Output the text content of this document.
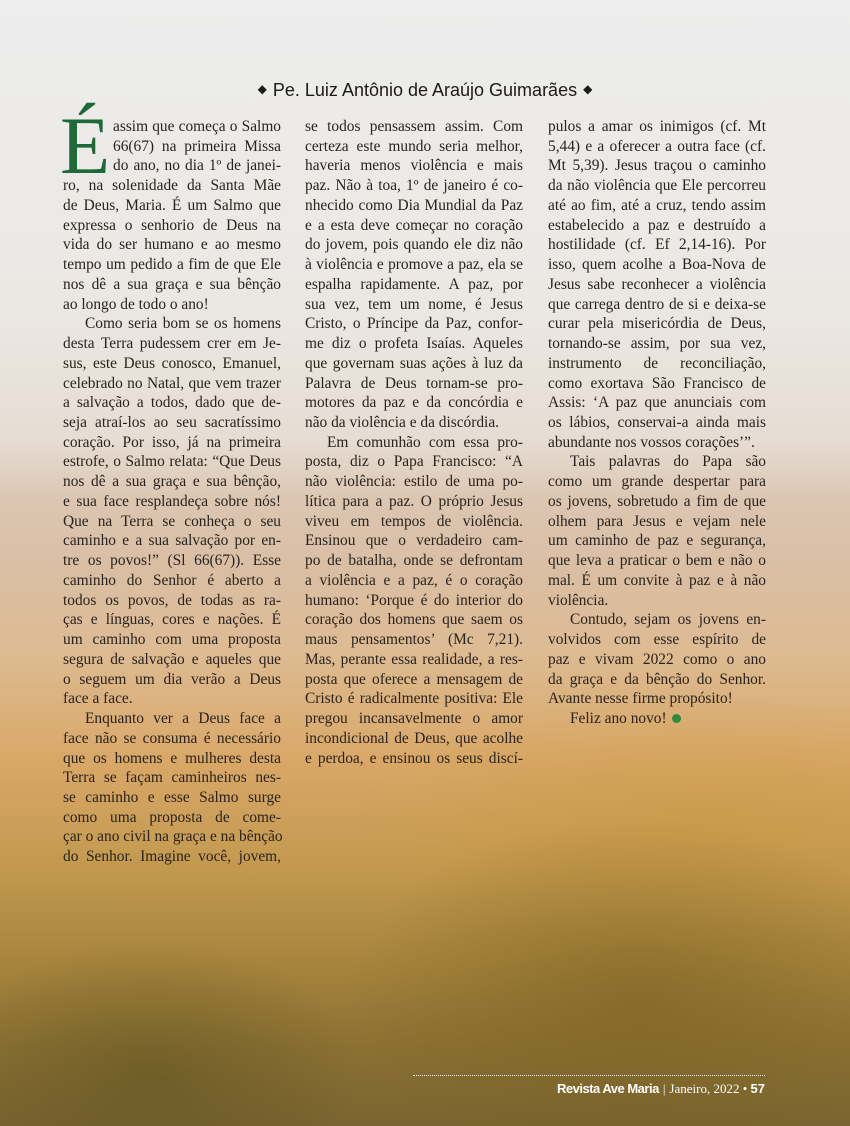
◆ Pe. Luiz Antônio de Araújo Guimarães ◆
É assim que começa o Salmo
66(67) na primeira Missa
do ano, no dia 1º de janei-
ro, na solenidade da Santa Mãe
de Deus, Maria. É um Salmo que
expressa o senhorio de Deus na
vida do ser humano e ao mesmo
tempo um pedido a fim de que Ele
nos dê a sua graça e sua bênção
ao longo de todo o ano!
Como seria bom se os homens
desta Terra pudessem crer em Je-
sus, este Deus conosco, Emanuel,
celebrado no Natal, que vem trazer
a salvação a todos, dado que de-
seja atraí-los ao seu sacratíssimo
coração. Por isso, já na primeira
estrofe, o Salmo relata: “Que Deus
nos dê a sua graça e sua bênção,
e sua face resplandeça sobre nós!
Que na Terra se conheça o seu
caminho e a sua salvação por en-
tre os povos!” (Sl 66(67)). Esse
caminho do Senhor é aberto a
todos os povos, de todas as ra-
ças e línguas, cores e nações. É
um caminho com uma proposta
segura de salvação e aqueles que
o seguem um dia verão a Deus
face a face.
Enquanto ver a Deus face a
face não se consuma é necessário
que os homens e mulheres desta
Terra se façam caminheiros nes-
se caminho e esse Salmo surge
como uma proposta de come-
çar o ano civil na graça e na bênção
do Senhor. Imagine você, jovem,
se todos pensassem assim. Com
certeza este mundo seria melhor,
haveria menos violência e mais
paz. Não à toa, 1º de janeiro é co-
nhecido como Dia Mundial da Paz
e a esta deve começar no coração
do jovem, pois quando ele diz não
à violência e promove a paz, ela se
espalha rapidamente. A paz, por
sua vez, tem um nome, é Jesus
Cristo, o Príncipe da Paz, confor-
me diz o profeta Isaías. Aqueles
que governam suas ações à luz da
Palavra de Deus tornam-se pro-
motores da paz e da concórdia e
não da violência e da discórdia.
Em comunhão com essa pro-
posta, diz o Papa Francisco: “A
não violência: estilo de uma po-
lítica para a paz. O próprio Jesus
viveu em tempos de violência.
Ensinou que o verdadeiro cam-
po de batalha, onde se defrontam
a violência e a paz, é o coração
humano: ‘Porque é do interior do
coração dos homens que saem os
maus pensamentos’ (Mc 7,21).
Mas, perante essa realidade, a res-
posta que oferece a mensagem de
Cristo é radicalmente positiva: Ele
pregou incansavelmente o amor
incondicional de Deus, que acolhe
e perdoa, e ensinou os seus discí-
pulos a amar os inimigos (cf. Mt
5,44) e a oferecer a outra face (cf.
Mt 5,39). Jesus traçou o caminho
da não violência que Ele percorreu
até ao fim, até a cruz, tendo assim
estabelecido a paz e destruído a
hostilidade (cf. Ef 2,14-16). Por
isso, quem acolhe a Boa-Nova de
Jesus sabe reconhecer a violência
que carrega dentro de si e deixa-se
curar pela misericórdia de Deus,
tornando-se assim, por sua vez,
instrumento de reconciliação,
como exortava São Francisco de
Assis: ‘A paz que anunciais com
os lábios, conservai-a ainda mais
abundante nos vossos corações’”.
Tais palavras do Papa são
como um grande despertar para
os jovens, sobretudo a fim de que
olhem para Jesus e vejam nele
um caminho de paz e segurança,
que leva a praticar o bem e não o
mal. É um convite à paz e à não
violência.
Contudo, sejam os jovens en-
volvidos com esse espírito de
paz e vivam 2022 como o ano
da graça e da bênção do Senhor.
Avante nesse firme propósito!
Feliz ano novo!
Revista Ave Maria | Janeiro, 2022 • 57
